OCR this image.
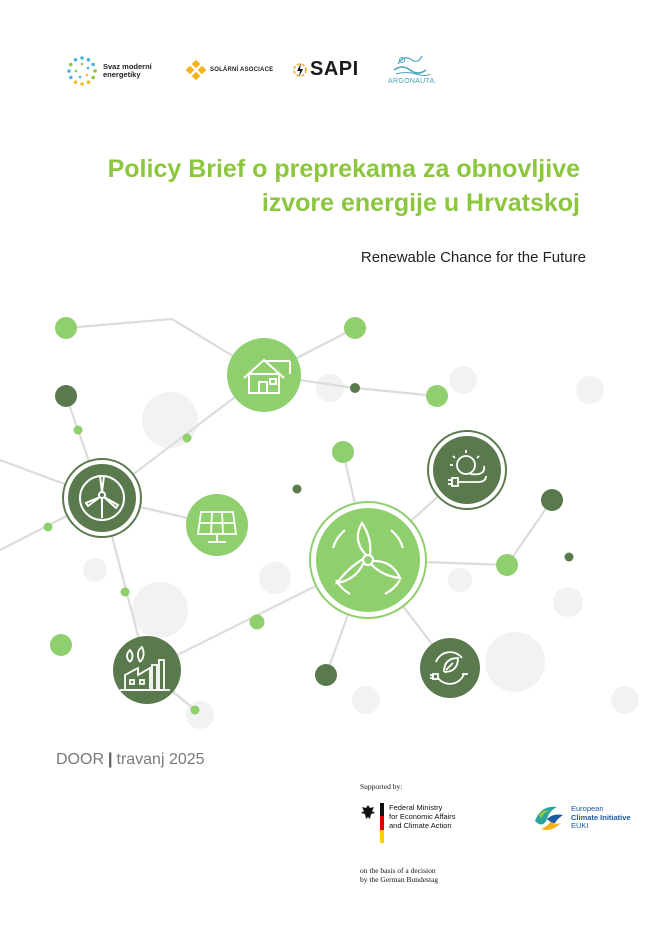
Svaz moderní energetiky	SOLÁRNÍ ASOCIACE SAPI
ARGONAUTA.
Policy Brief o preprekama za obnovljive izvore energije u Hrvatskoj
Renewable Chance for the Future
DOOR | travanj 2025
Supported by:
Federal Ministry
for Economic Affairs
and Climate Action
on the basis of a decision
by the German Bundestag
European
Climate Initiative
EUKI
